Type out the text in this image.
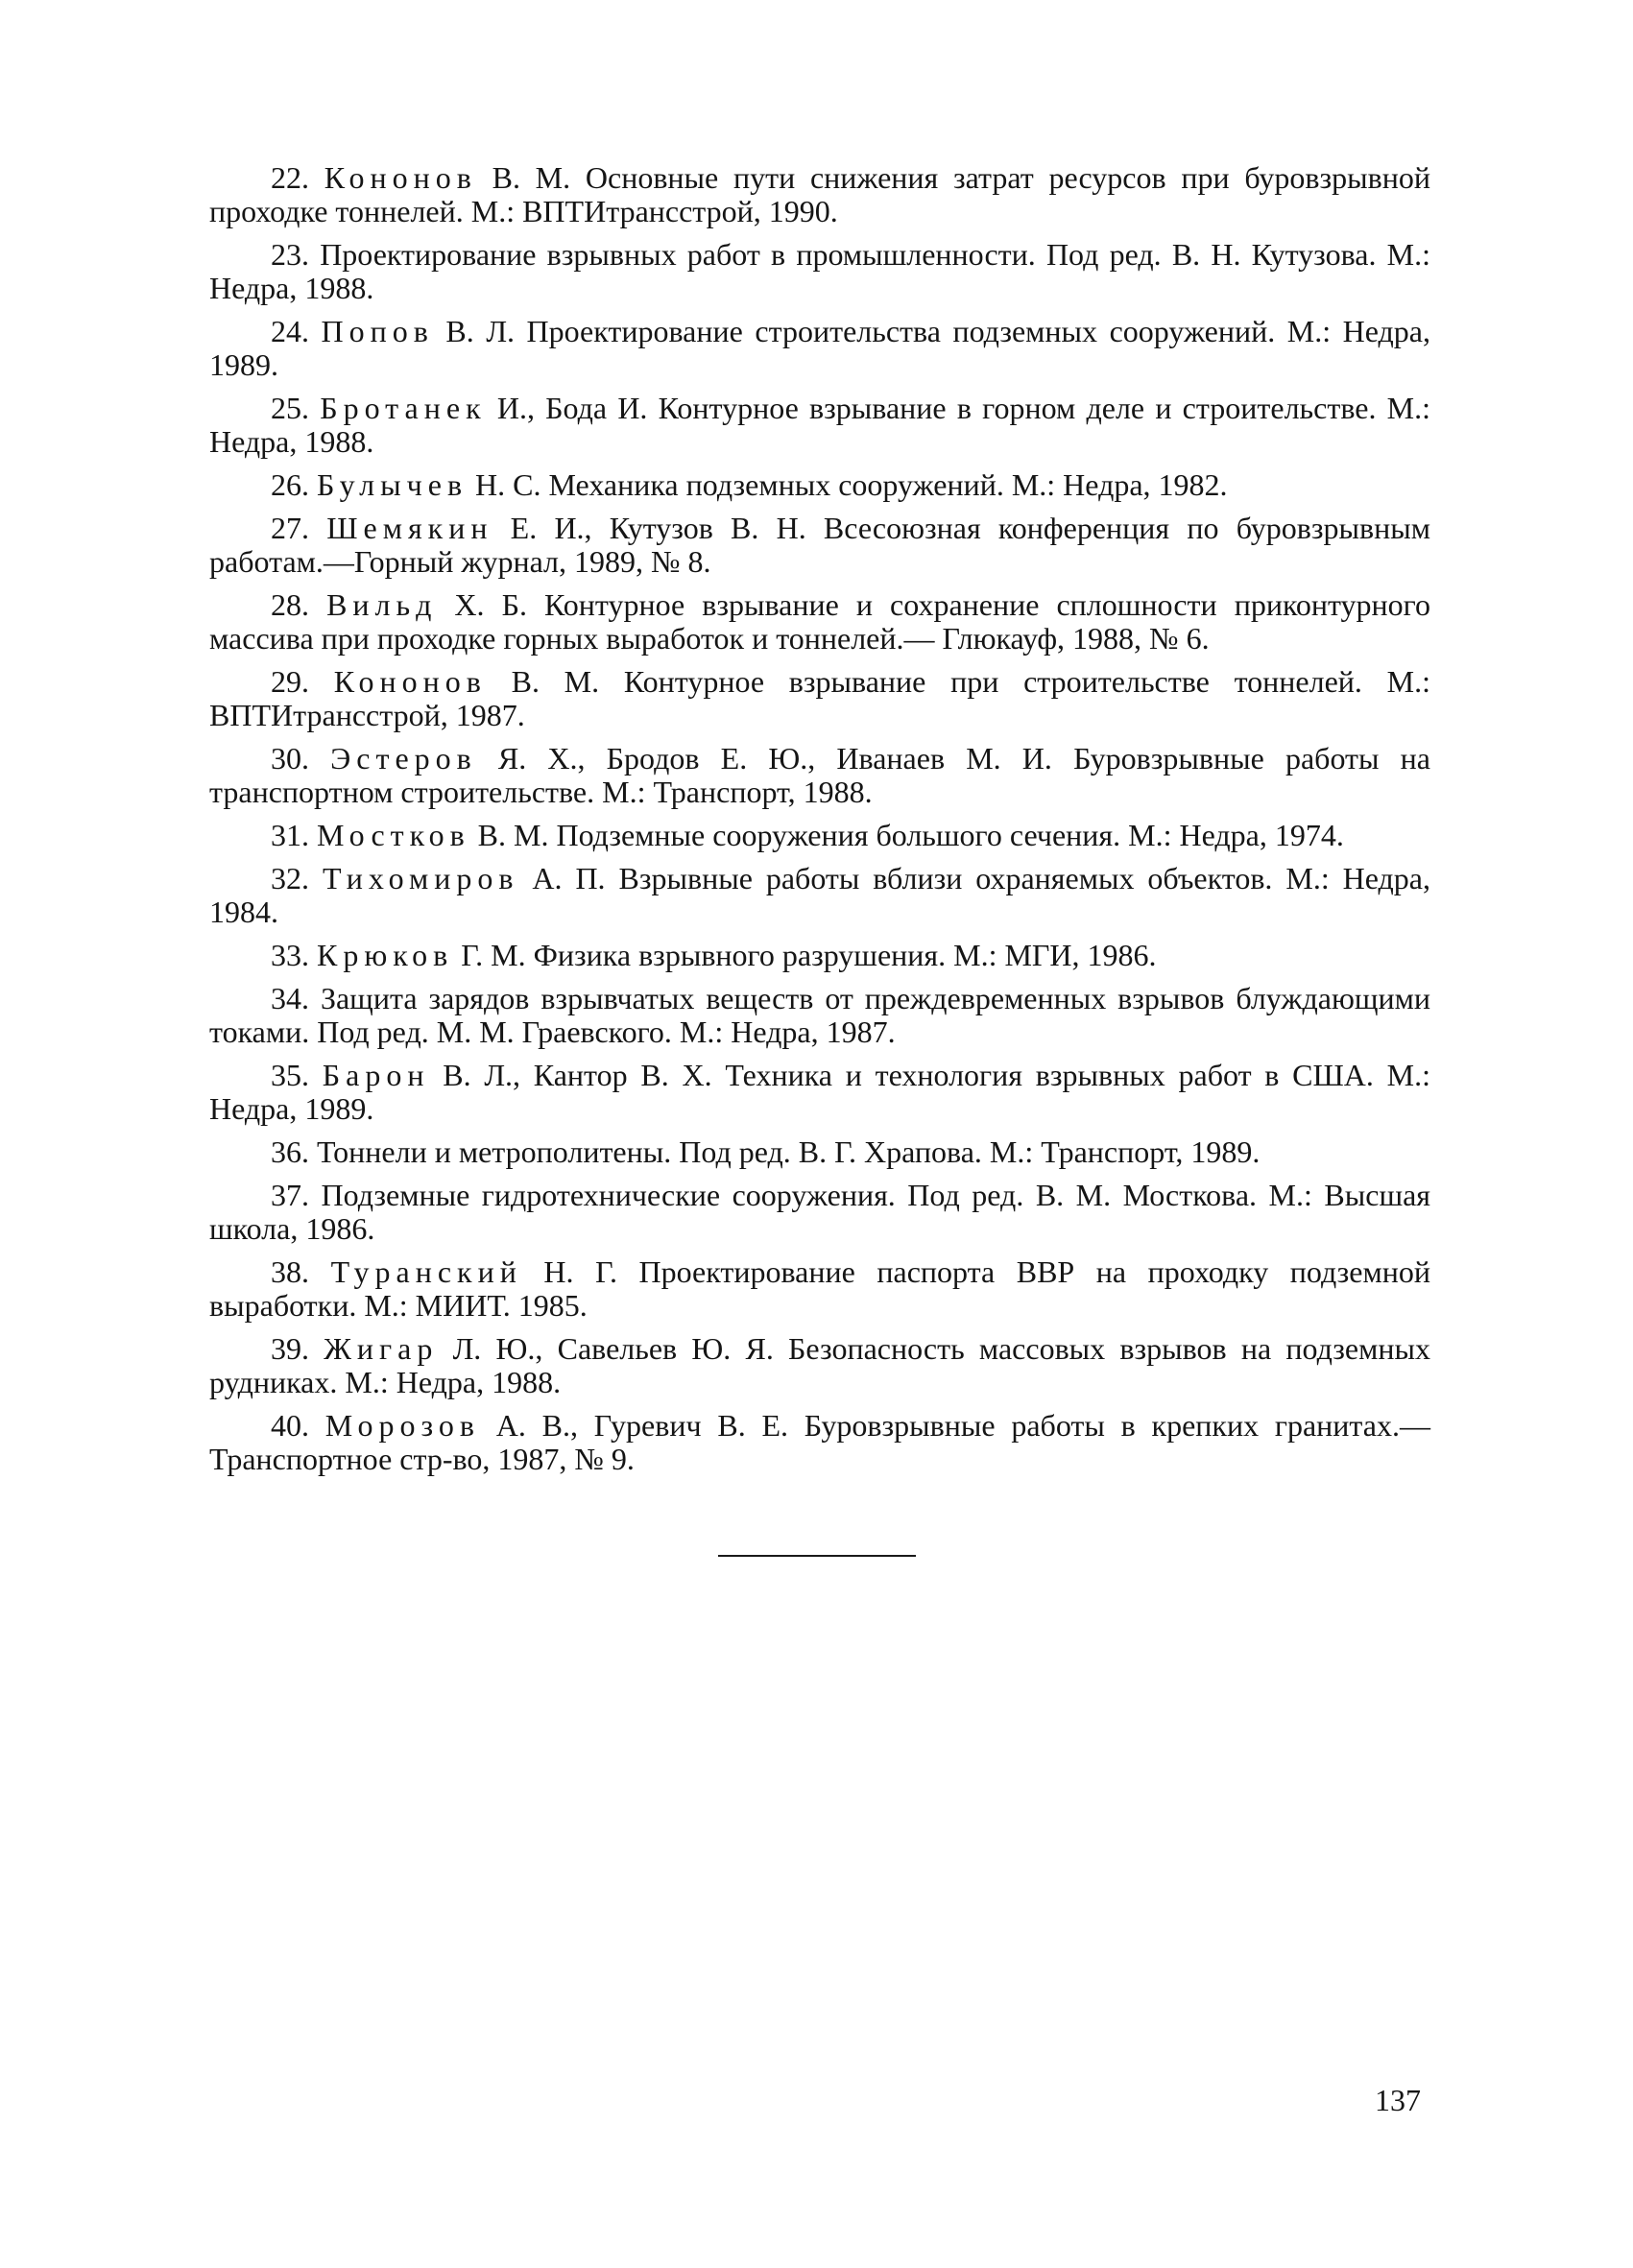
22. Кононов В. М. Основные пути снижения затрат ресурсов при буровзрывной проходке тоннелей. М.: ВПТИтрансстрой, 1990.

23. Проектирование взрывных работ в промышленности. Под ред. В. Н. Кутузова. М.: Недра, 1988.

24. Попов В. Л. Проектирование строительства подземных сооружений. М.: Недра, 1989.

25. Бротанек И., Бода И. Контурное взрывание в горном деле и строительстве. М.: Недра, 1988.

26. Булычев Н. С. Механика подземных сооружений. М.: Недра, 1982.

27. Шемякин Е. И., Кутузов В. Н. Всесоюзная конференция по буровзрывным работам.—Горный журнал, 1989, № 8.

28. Вильд Х. Б. Контурное взрывание и сохранение сплошности приконтурного массива при проходке горных выработок и тоннелей.— Глюкауф, 1988, № 6.

29. Кононов В. М. Контурное взрывание при строительстве тоннелей. М.: ВПТИтрансстрой, 1987.

30. Эстеров Я. Х., Бродов Е. Ю., Иванаев М. И. Буровзрывные работы на транспортном строительстве. М.: Транспорт, 1988.

31. Мостков В. М. Подземные сооружения большого сечения. М.: Недра, 1974.

32. Тихомиров А. П. Взрывные работы вблизи охраняемых объектов. М.: Недра, 1984.

33. Крюков Г. М. Физика взрывного разрушения. М.: МГИ, 1986.

34. Защита зарядов взрывчатых веществ от преждевременных взрывов блуждающими токами. Под ред. М. М. Граевского. М.: Недра, 1987.

35. Барон В. Л., Кантор В. Х. Техника и технология взрывных работ в США. М.: Недра, 1989.

36. Тоннели и метрополитены. Под ред. В. Г. Храпова. М.: Транспорт, 1989.

37. Подземные гидротехнические сооружения. Под ред. В. М. Мосткова. М.: Высшая школа, 1986.

38. Туранский Н. Г. Проектирование паспорта ВВР на проходку подземной выработки. М.: МИИТ. 1985.

39. Жигар Л. Ю., Савельев Ю. Я. Безопасность массовых взрывов на подземных рудниках. М.: Недра, 1988.

40. Морозов А. В., Гуревич В. Е. Буровзрывные работы в крепких гранитах.—Транспортное стр-во, 1987, № 9.

137
